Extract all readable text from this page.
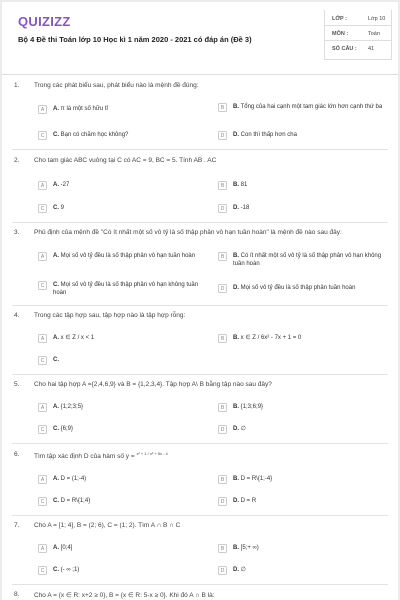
QUIZIZZ
Bộ 4 Đề thi Toán lớp 10 Học kì 1 năm 2020 - 2021 có đáp án (Đề 3)
LỚP :	Lớp 10
MÔN :	Toán
SỐ CÂU : 41
1. Trong các phát biểu sau, phát biểu nào là mệnh đề đúng:
A	A. π là một số hữu tỉ	B	B. Tổng của hai cạnh một tam giác lớn hơn cạnh thứ ba
C	C. Bạn có chăm học không?	D	D. Con thì thấp hơn cha
2. Cho tam giác ABC vuông tại C có AC = 9, BC = 5. Tính AB . AC
A	A. -27	B	B. 81
C	C. 9	D	D. -18
3. Phủ định của mệnh đề "Có ít nhất một số vô tỷ là số thập phân vô hạn tuần hoàn" là mệnh đề nào sau đây:
A	A. Mọi số vô tỷ đều là số thập phân vô hạn tuần hoàn	B	B. Có ít nhất một số vô tỷ là số thập phân vô hạn không tuần hoàn
C	C. Mọi số vô tỷ đều là số thập phân vô hạn không tuần hoàn
D	D. Mọi số vô tỷ đều là số thập phân tuần hoàn
4. Trong các tập hợp sau, tập hợp nào là tập hợp rỗng:
A	A. x ∈ Z / x < 1	B	B. x ∈ Z / 6x² - 7x + 1 = 0
C	C.
5. Cho hai tập hợp A ={2,4,6,9} và B = {1,2,3,4}. Tập hợp A\ B bằng tập nào sau đây?
A	A. {1;2;3;5}	B	B. {1;3;6;9}
C	C. {6;9}	D	D. ∅
6. Tìm tập xác định D của hàm số y = $^{x^2 + 1 / x^2 + 5x - 4}$
A	A. D = (1;-4)	B	B. D = R\{1;-4}
C	C. D = R\{1;4}	D	D. D = R
7. Cho A = [1; 4], B = (2; 6), C = (1; 2). Tìm A ∩ B ∩ C
A	A. [0;4]	B	B. [5;+ ∞)
C	C. (- ∞ ;1)	D	D. ∅
8. Cho A = {x ∈ R: x+2 ≥ 0}, B = {x ∈ R: 5-x ≥ 0}. Khi đó A ∩ B là:
